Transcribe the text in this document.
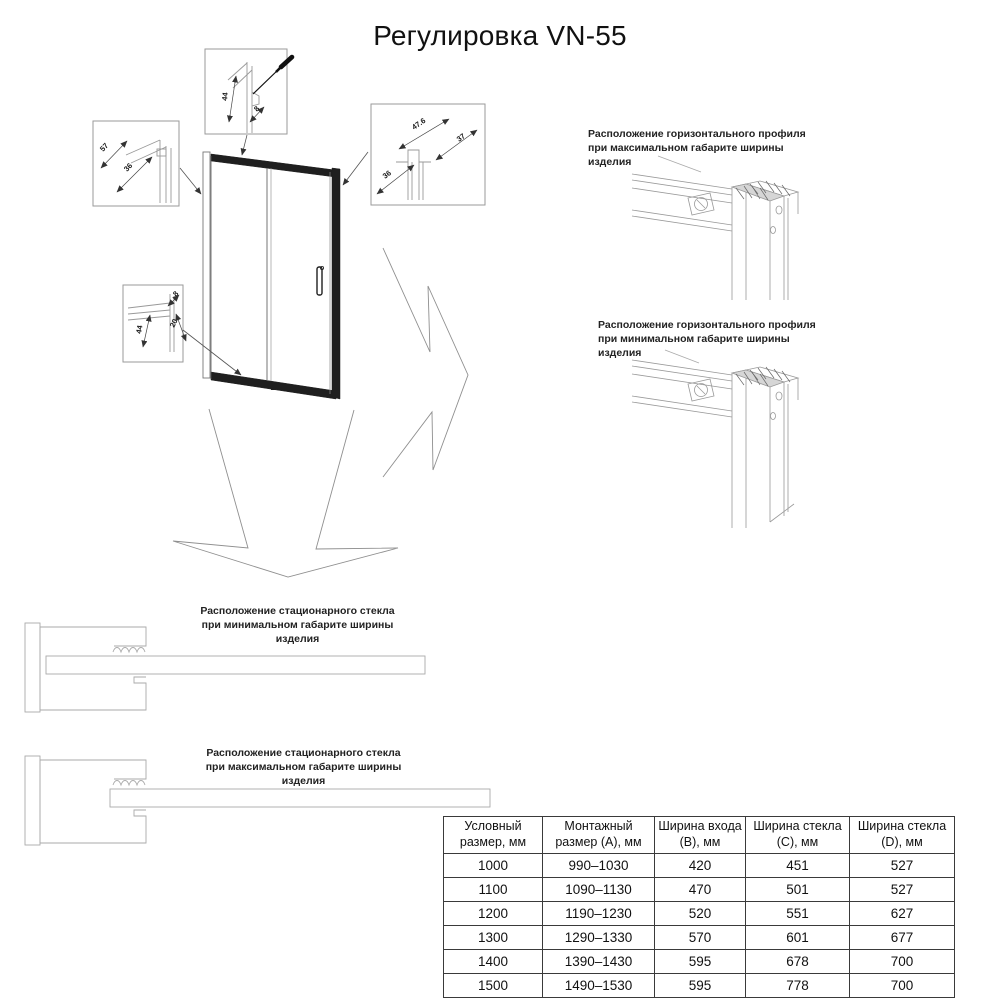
Регулировка VN-55
57
36
44
8
47.6
37
36
8
20
44
Расположение горизонтального профиля при максимальном габарите ширины изделия
Расположение горизонтального профиля при минимальном габарите ширины изделия
Расположение стационарного стекла при минимальном габарите ширины изделия
Расположение стационарного стекла при максимальном габарите ширины изделия
Условный размер, мм	Монтажный размер (А), мм	Ширина входа (В), мм	Ширина стекла (С), мм	Ширина стекла (D), мм
1000	990–1030	420	451	527
1100	1090–1130	470	501	527
1200	1190–1230	520	551	627
1300	1290–1330	570	601	677
1400	1390–1430	595	678	700
1500	1490–1530	595	778	700
